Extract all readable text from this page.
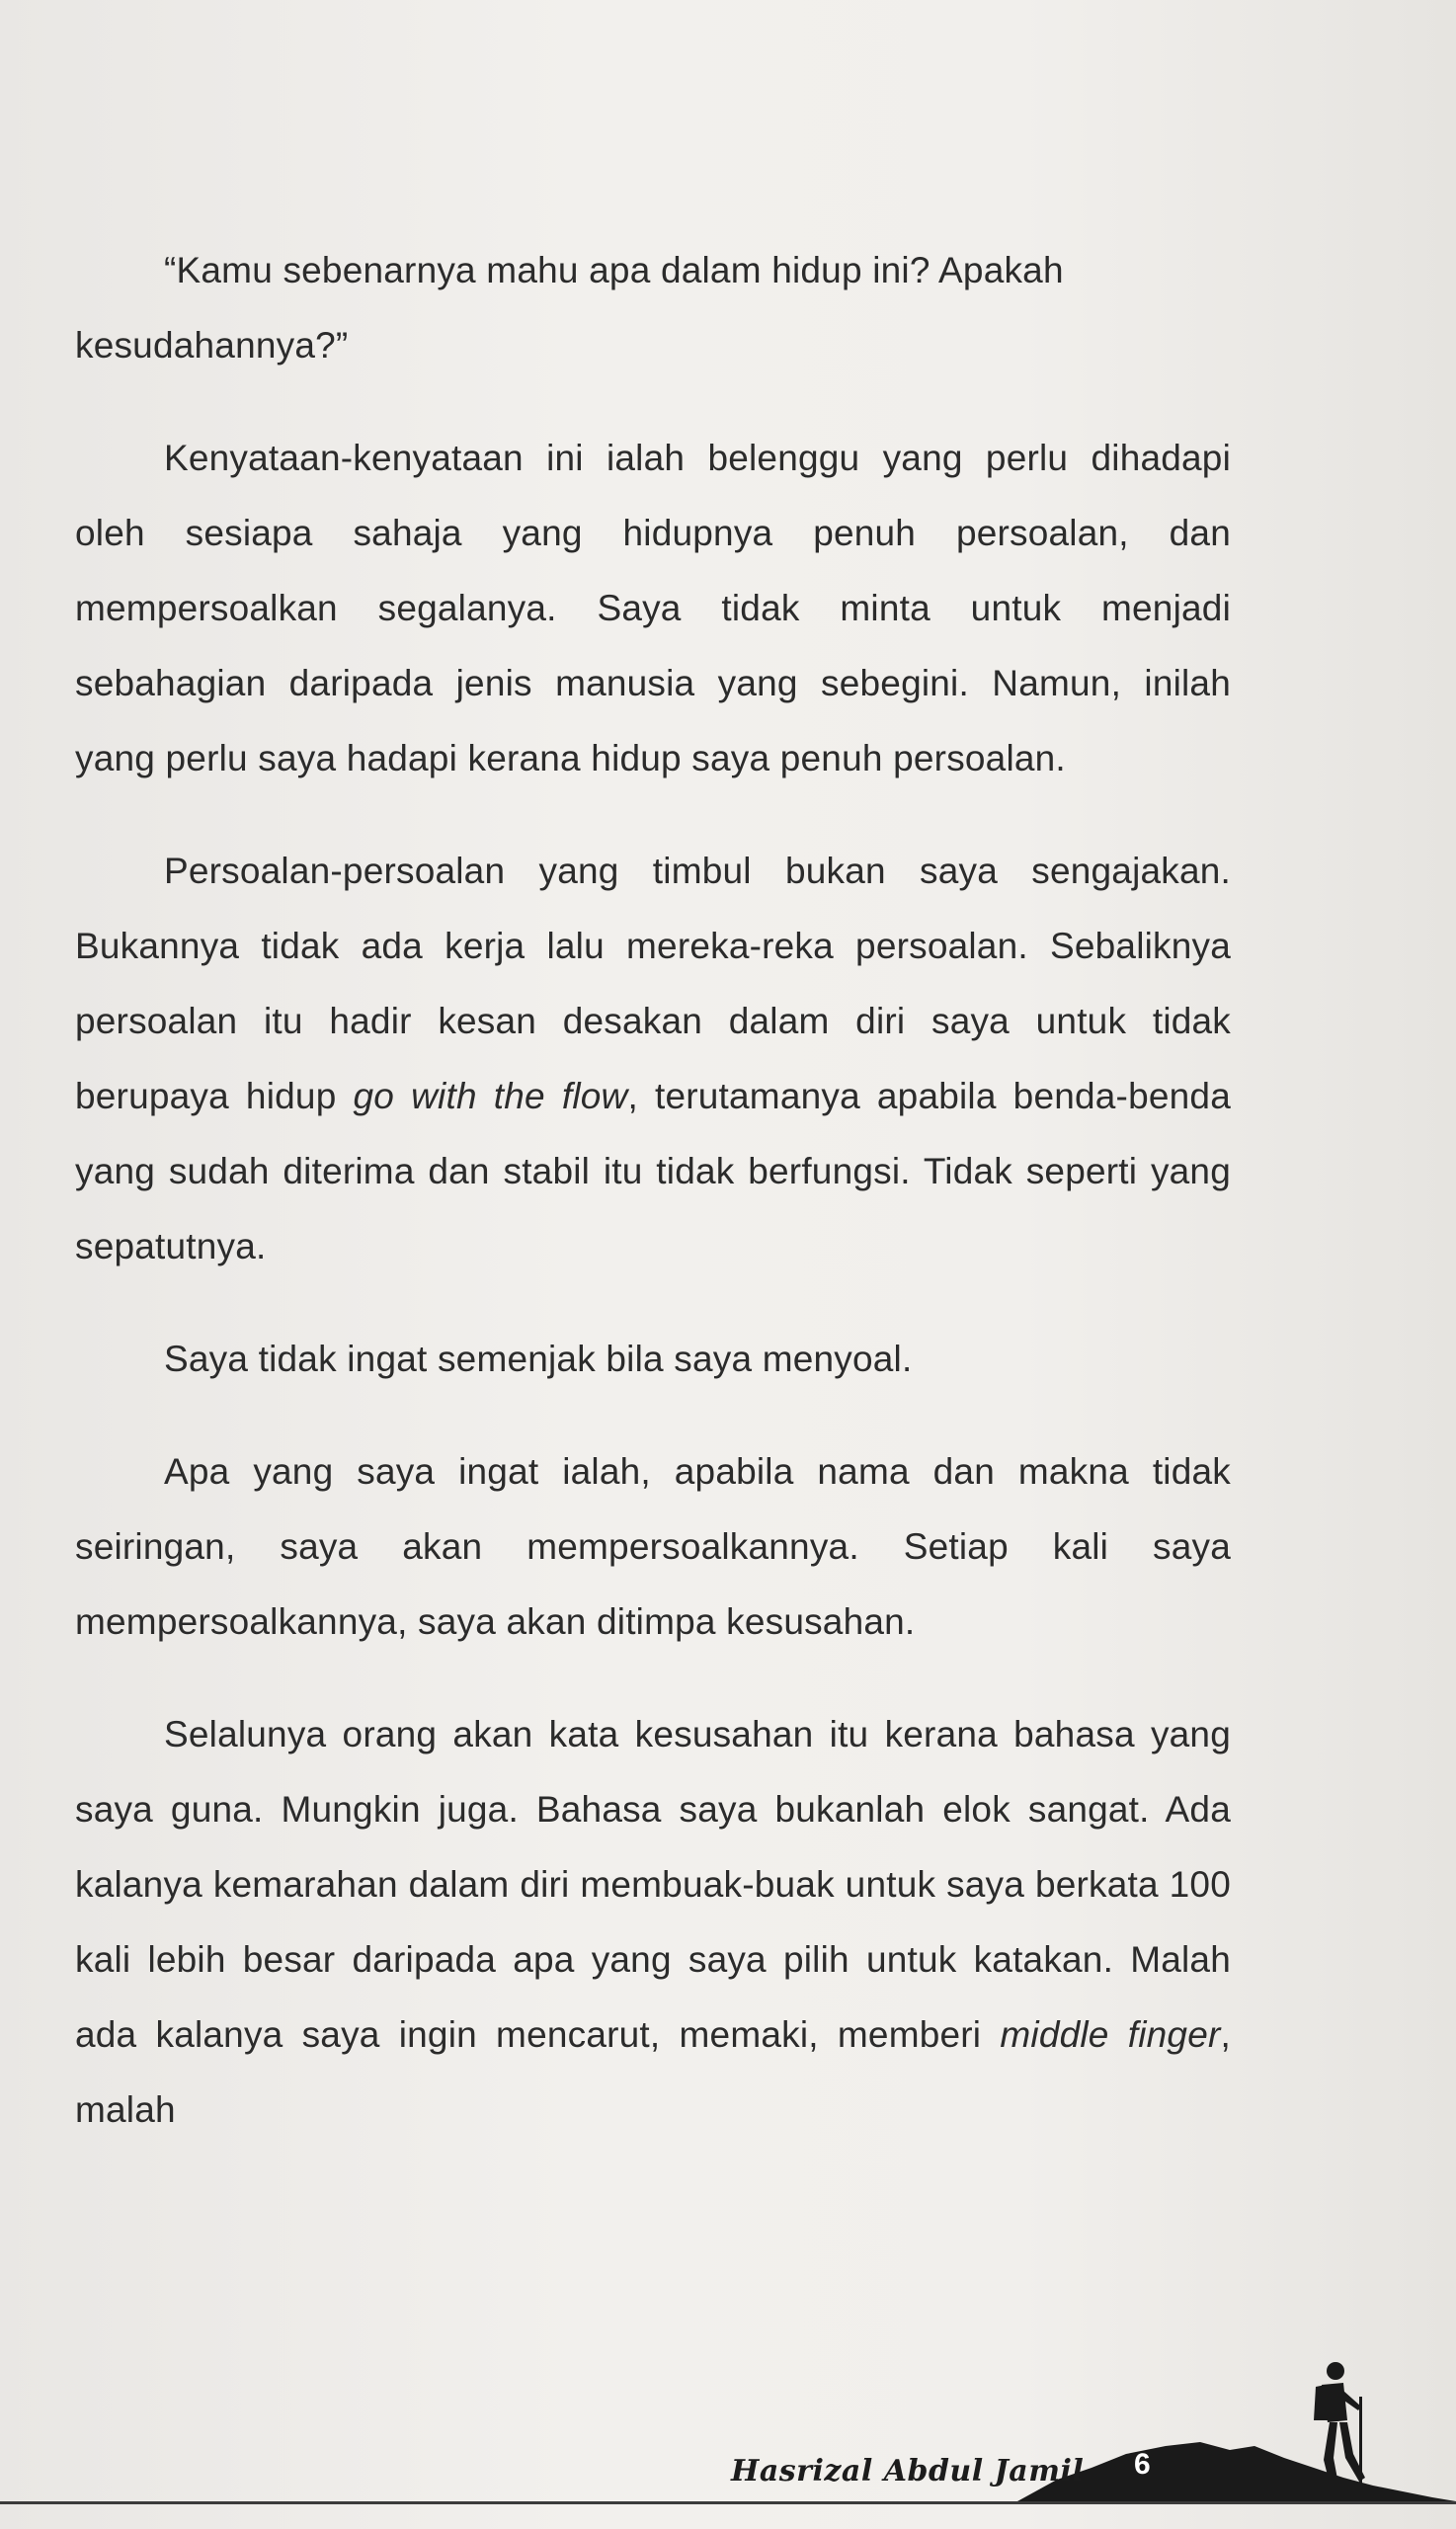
“Kamu sebenarnya mahu apa dalam hidup ini? Apakah
kesudahannya?”

Kenyataan-kenyataan ini ialah belenggu yang perlu dihadapi oleh sesiapa sahaja yang hidupnya penuh persoalan, dan mempersoalkan segalanya. Saya tidak minta untuk menjadi sebahagian daripada jenis manusia yang sebegini. Namun, inilah yang perlu saya hadapi kerana hidup saya penuh persoalan.

Persoalan-persoalan yang timbul bukan saya sengajakan. Bukannya tidak ada kerja lalu mereka-reka persoalan. Sebaliknya persoalan itu hadir kesan desakan dalam diri saya untuk tidak berupaya hidup go with the flow, terutamanya apabila benda-benda yang sudah diterima dan stabil itu tidak berfungsi. Tidak seperti yang sepatutnya.

Saya tidak ingat semenjak bila saya menyoal.

Apa yang saya ingat ialah, apabila nama dan makna tidak seiringan, saya akan mempersoalkannya. Setiap kali saya mempersoalkannya, saya akan ditimpa kesusahan.

Selalunya orang akan kata kesusahan itu kerana bahasa yang saya guna. Mungkin juga. Bahasa saya bukanlah elok sangat. Ada kalanya kemarahan dalam diri membuak-buak untuk saya berkata 100 kali lebih besar daripada apa yang saya pilih untuk katakan. Malah ada kalanya saya ingin mencarut, memaki, memberi middle finger, malah

Hasrizal Abdul Jamil 6
